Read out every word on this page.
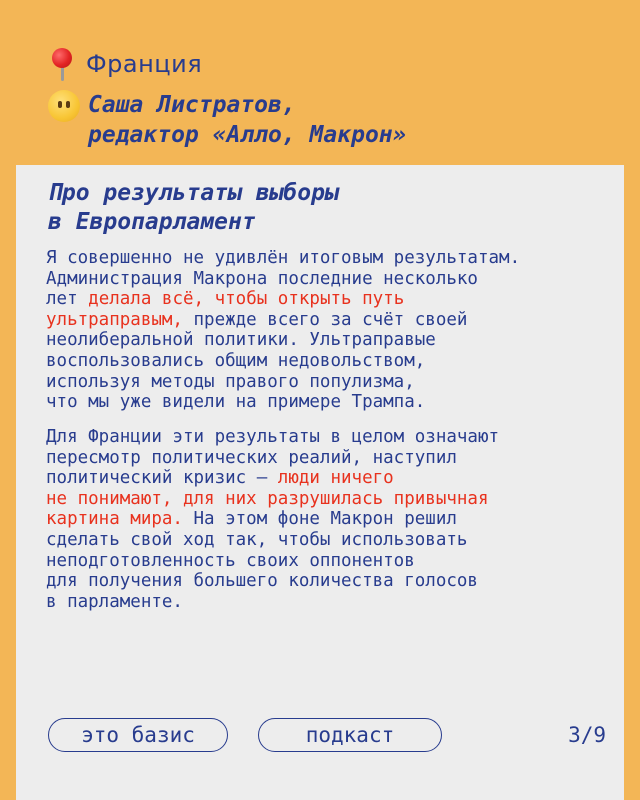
Франция
Саша Листратов,
редактор «Алло, Макрон»
Про результаты выборы
в Европарламент
Я совершенно не удивлён итоговым результатам.
Администрация Макрона последние несколько
лет делала всё, чтобы открыть путь
ультраправым, прежде всего за счёт своей
неолиберальной политики. Ультраправые
воспользовались общим недовольством,
используя методы правого популизма,
что мы уже видели на примере Трампа.
Для Франции эти результаты в целом означают
пересмотр политических реалий, наступил
политический кризис – люди ничего
не понимают, для них разрушилась привычная
картина мира. На этом фоне Макрон решил
сделать свой ход так, чтобы использовать
неподготовленность своих оппонентов
для получения большего количества голосов
в парламенте.
это базис	подкаст	3/9
